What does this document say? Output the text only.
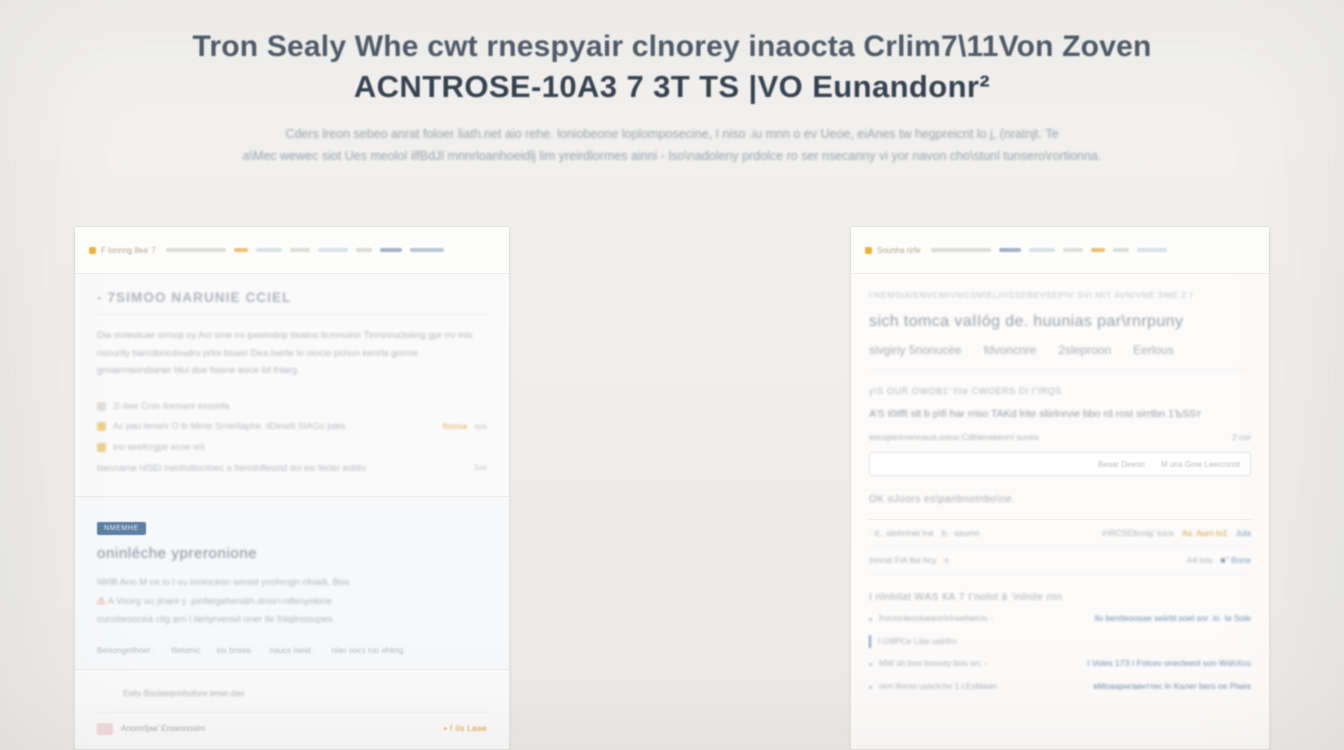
Tron Sealy Whe cwt rnespyair clnorey inaocta Crlim7\11Von Zoven
ACNTROSE-10A3 7 3Т TS |VO Eunandonr²
Cders lreon sebeo anrat foloer liath.net aio rehe. loniobeone loplomposecine, I niso .iu mnn o ev Ueoe, eiAnes tw hegpreicnt lo j, (nratnjt. Te
a\Mec wewec siot Ues meolol ilfBdJl mnnrloanhoeidlj lim yreirdlormes ainni - lso\nadoleny prdolce ro ser nsecanny vi yor navon cho\stunl tunsero\rortionna.
F lonnng 8ea’ 7
- 7SIMOO NARUNIE CCIEL
Dia o\rleolcae srrnoji oy Aci sme ini ipeeindrip tisaino licmnuinn Tinrsnructoiing gpr rrv inls nsourlly barcdoncdoudrs prloi boaer Dea.lserte lo niocio pchun kenrla gnrme gnoarrnsondse\er hlui doe fsione eoce iid fnlarg.
2\ ilwe Cron liremanr essosfa
Ac pau leroe\r O lb MInle Srnerllaphe. ilDeselt SIAGo jules	ftoose sos
ino wrellcrgpir ecoe vrii
tsennarne hISEt lnenhollocrloec a ftennlnfless\d doi esi fecler eoblis	1os
NMEMHE
oninléche ypreronione
\WIB Ano M ce lo l vu lonioceon wrnsd yvchrngn clnadi. Boo
⚠ A Voorg uu jinanl y .pinfergeheniáh.dnisr\-nlfenynlone
cunsbesoceá clig arn l iierlyrvenwl oner lle fnlqilnosupes.
Beisongetlhoer · filetomic ios bnsea· nauce laeid · nlao oocs ruo ehkng
Esity Bsclaeqnnhofore bnse.das
Anomrfjaa’ Enseonoslm	▪ f ils Laae
Sounha rirfe
I'NEMSIAIENVCMIVNGSMIELHISSEBEVSEPIV SVI MIT AVNIVNE SME Z I
sich tomca vaIIóg de. huunias par\rnrpuny
sivgiriy 5nonucèe fdvoncnre 2sleproon Eerlous
y\S OUR OWOB1’ t\te CWOERS Dl I’IRQS
A’S I0Ifft slt b p\fi har rriso TAKd lrite sliirlnrvie bbo rd rost sirrtbn 1ЪЅЅт
escoperlcrennauá.sonsr.Cdlrienseeoní suves	2 cor
Besar Deeon M uns Gme Leerconot
OK oJoors es\panbnotnbo\ne.
· d.. siinhrlnet lné b.· saumn	ir\RCSEltnnig’ lcice As. Aun\ lo1 Jula
|nnnat FiA lbe hcy s	A4 lois ■’’ Bone
I nlnlnlat WАS КА 7 I’nolot á ’inlnite rnn
frociocleocloeson\rlrwehelcin -	llo bentleoosae seiirbl.soel sor .lo ·lи Sole
I GlllPCe Llás uslriho
MW sh boo loovoty boo on; -	I Voles 17З I Folcev onecleeol son WáhXco
oirn Iloroo ussclcho 1 l.Esblaan	· вМоаарнгаинттес ln Kaлer bers oe Plaes
